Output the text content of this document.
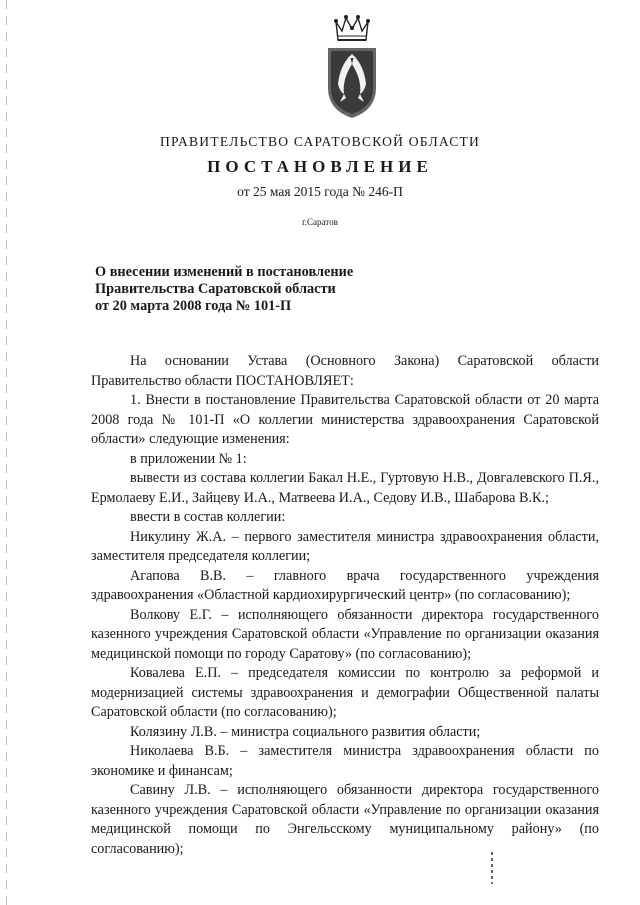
ПРАВИТЕЛЬСТВО САРАТОВСКОЙ ОБЛАСТИ
ПОСТАНОВЛЕНИЕ
от 25 мая 2015 года № 246-П
г.Саратов
О внесении изменений в постановление
Правительства Саратовской области
от 20 марта 2008 года № 101-П

На основании Устава (Основного Закона) Саратовской области Правительство области ПОСТАНОВЛЯЕТ:

1. Внести в постановление Правительства Саратовской области от 20 марта 2008 года № 101-П «О коллегии министерства здравоохранения Саратовской области» следующие изменения:

в приложении № 1:

вывести из состава коллегии Бакал Н.Е., Гуртовую Н.В., Довгалевского П.Я., Ермолаеву Е.И., Зайцеву И.А., Матвеева И.А., Седову И.В., Шабарова В.К.;

ввести в состав коллегии:

Никулину Ж.А. – первого заместителя министра здравоохранения области, заместителя председателя коллегии;

Агапова В.В. – главного врача государственного учреждения здравоохранения «Областной кардиохирургический центр» (по согласованию);

Волкову Е.Г. – исполняющего обязанности директора государственного казенного учреждения Саратовской области «Управление по организации оказания медицинской помощи по городу Саратову» (по согласованию);

Ковалева Е.П. – председателя комиссии по контролю за реформой и модернизацией системы здравоохранения и демографии Общественной палаты Саратовской области (по согласованию);

Колязину Л.В. – министра социального развития области;

Николаева В.Б. – заместителя министра здравоохранения области по экономике и финансам;

Савину Л.В. – исполняющего обязанности директора государственного казенного учреждения Саратовской области «Управление по организации оказания медицинской помощи по Энгельсскому муниципальному району» (по согласованию);
